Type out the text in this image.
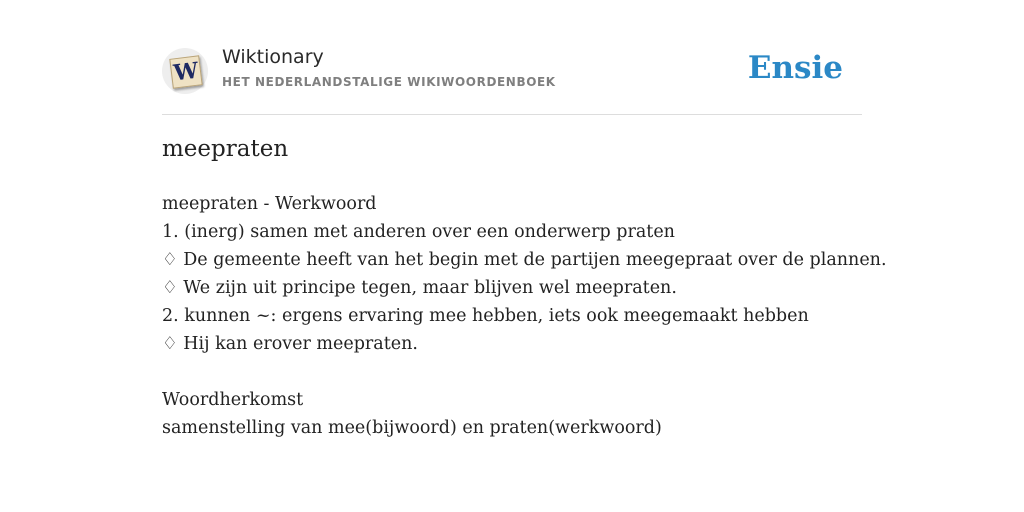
W
Wiktionary
HET NEDERLANDSTALIGE WIKIWOORDENBOEK	Ensie
meepraten
meepraten - Werkwoord
1. (inerg) samen met anderen over een onderwerp praten
♢ De gemeente heeft van het begin met de partijen meegepraat over de plannen.
♢ We zijn uit principe tegen, maar blijven wel meepraten.
2. kunnen ~: ergens ervaring mee hebben, iets ook meegemaakt hebben
♢ Hij kan erover meepraten.
Woordherkomst
samenstelling van mee(bijwoord) en praten(werkwoord)
